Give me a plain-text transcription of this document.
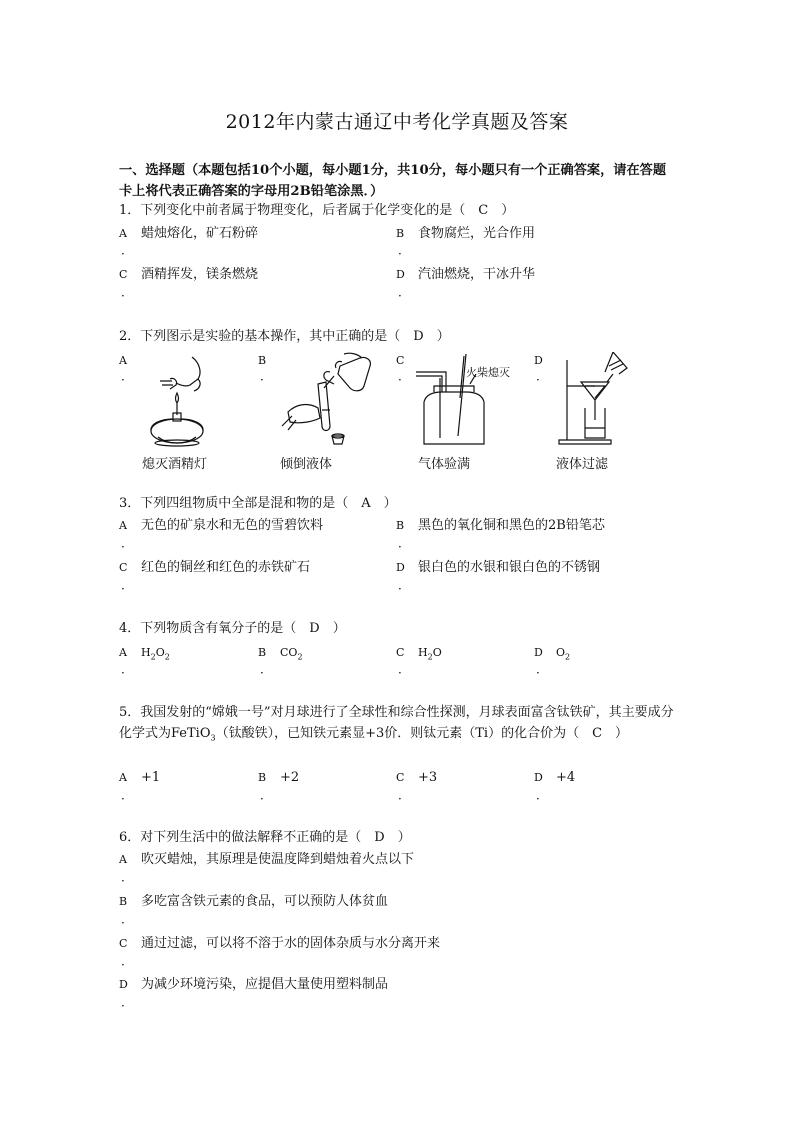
2012年内蒙古通辽中考化学真题及答案
一、选择题（本题包括10个小题，每小题1分，共10分，每小题只有一个正确答案，请在答题卡上将代表正确答案的字母用2B铅笔涂黑．）
1．下列变化中前者属于物理变化，后者属于化学变化的是（　C　）
A 蜡烛熔化，矿石粉碎	B 食物腐烂，光合作用
·	·
C 酒精挥发，镁条燃烧	D 汽油燃烧，干冰升华
·	·
2．下列图示是实验的基本操作，其中正确的是（　D　）
A	B	C	D
·	·	·	·
熄灭酒精灯	倾倒液体
火柴熄灭
气体验满	液体过滤
3．下列四组物质中全部是混和物的是（　A　）
A 无色的矿泉水和无色的雪碧饮料	B 黑色的氧化铜和黑色的2B铅笔芯
·	·
C 红色的铜丝和红色的赤铁矿石	D 银白色的水银和银白色的不锈钢
·	·
4．下列物质含有氧分子的是（　D　）
A $H_2O_2$	B $CO_2$	C $H_2O$	D $O_2$
·	·	·	·
5．我国发射的“嫦娥一号”对月球进行了全球性和综合性探测，月球表面富含钛铁矿，其主要成分化学式为FeTiO$_3$（钛酸铁），已知铁元素显+3价．则钛元素（Ti）的化合价为（　C　）
A +1	B +2	C +3	D +4
·	·	·	·
6．对下列生活中的做法解释不正确的是（　D　）
A 吹灭蜡烛，其原理是使温度降到蜡烛着火点以下
·
B 多吃富含铁元素的食品，可以预防人体贫血
·
C 通过过滤，可以将不溶于水的固体杂质与水分离开来
·
D 为减少环境污染，应提倡大量使用塑料制品
·
